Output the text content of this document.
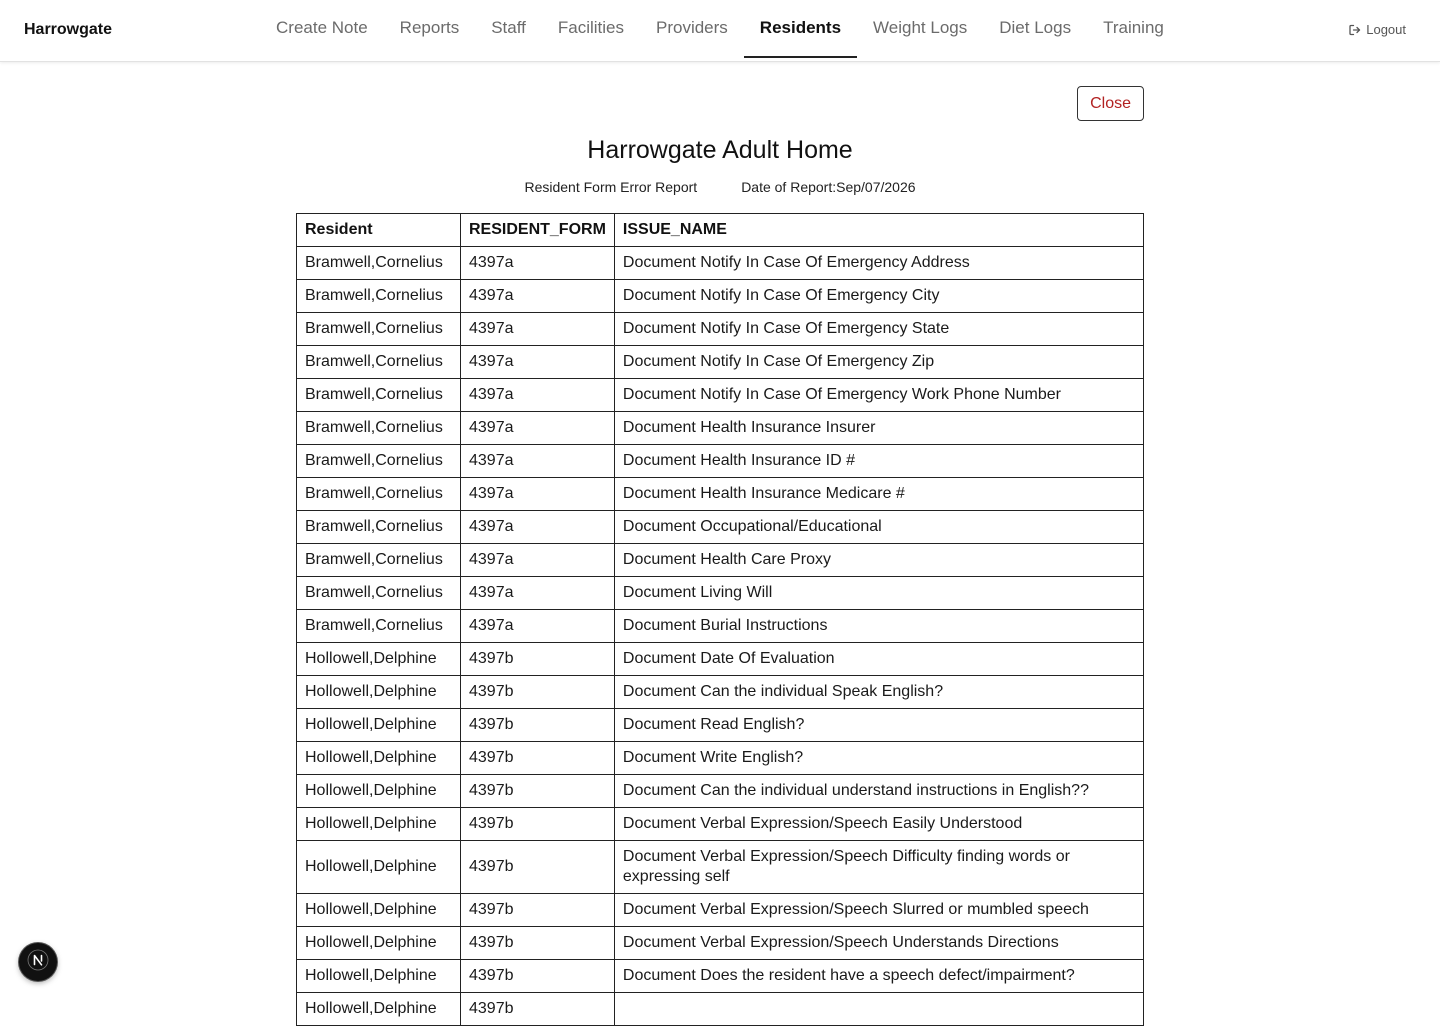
Harrowgate	Create Note	Reports	Staff	Facilities	Providers	Residents	Weight Logs	Diet Logs	Training	Logout
Close
Harrowgate Adult Home
Resident Form Error Report	Date of Report:Sep/07/2026
Resident	RESIDENT_FORM	ISSUE_NAME
Bramwell,Cornelius	4397a	Document Notify In Case Of Emergency Address
Bramwell,Cornelius	4397a	Document Notify In Case Of Emergency City
Bramwell,Cornelius	4397a	Document Notify In Case Of Emergency State
Bramwell,Cornelius	4397a	Document Notify In Case Of Emergency Zip
Bramwell,Cornelius	4397a	Document Notify In Case Of Emergency Work Phone Number
Bramwell,Cornelius	4397a	Document Health Insurance Insurer
Bramwell,Cornelius	4397a	Document Health Insurance ID #
Bramwell,Cornelius	4397a	Document Health Insurance Medicare #
Bramwell,Cornelius	4397a	Document Occupational/Educational
Bramwell,Cornelius	4397a	Document Health Care Proxy
Bramwell,Cornelius	4397a	Document Living Will
Bramwell,Cornelius	4397a	Document Burial Instructions
Hollowell,Delphine	4397b	Document Date Of Evaluation
Hollowell,Delphine	4397b	Document Can the individual Speak English?
Hollowell,Delphine	4397b	Document Read English?
Hollowell,Delphine	4397b	Document Write English?
Hollowell,Delphine	4397b	Document Can the individual understand instructions in English??
Hollowell,Delphine	4397b	Document Verbal Expression/Speech Easily Understood
Hollowell,Delphine	4397b	Document Verbal Expression/Speech Difficulty finding words or expressing self
Hollowell,Delphine	4397b	Document Verbal Expression/Speech Slurred or mumbled speech
Hollowell,Delphine	4397b	Document Verbal Expression/Speech Understands Directions
Hollowell,Delphine	4397b	Document Does the resident have a speech defect/impairment?
Hollowell,Delphine	4397b	
